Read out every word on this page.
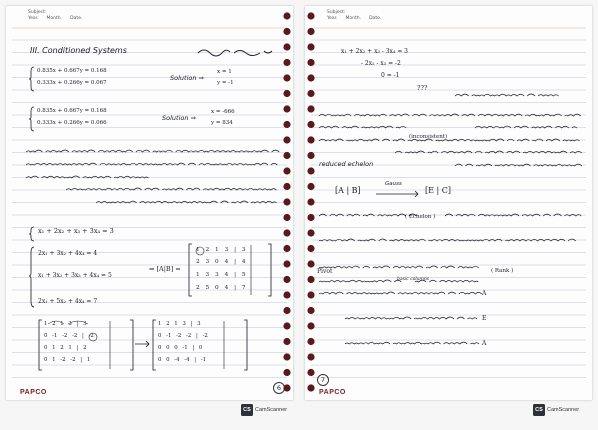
Subject:
Year. Month. Date.
III. Conditioned Systems
0.835x + 0.667y = 0.168
0.333x + 0.266y = 0.067
Solution ⇒
x = 1
y = -1
0.835x + 0.667y = 0.168
0.333x + 0.266y = 0.066
Solution ⇒
x = -666
y = 834
x₁ + 2x₂ + x₃ + 3x₄ = 3
2x₁ + 3x₂ + 4x₄ = 4
x₁ + 3x₂ + 3x₃ + 4x₄ = 5
2x₁ + 5x₂ + 4x₄ = 7
⇒ [A|B] =
1 2 1 3 | 3
2 3 0 4 | 4
1 3 3 4 | 5
2 5 0 4 | 7
1 2 1 3 | 3
0 -1 -2 -2 | -2
0 1 2 1 | 2
0 1 -2 -2 | 1
1 2 1 3 | 3
0 -1 -2 -2 | -2
0 0 0 -1 | 0
0 0 -4 -4 | -1
PAPCO
6
Subject:
Year. Month. Date.
x₁ + 2x₂ + x₃ - 3x₄ = 3
- 2x₂ - x₃ = -2
0 = -1
???
(inconsistent)
reduced echelon
[A | B]
Gauss
[E | C]
( Echelon )
( Rank )
Pivot
basic columns
A
E
A
PAPCO
7
CS CamScanner	CS CamScanner
